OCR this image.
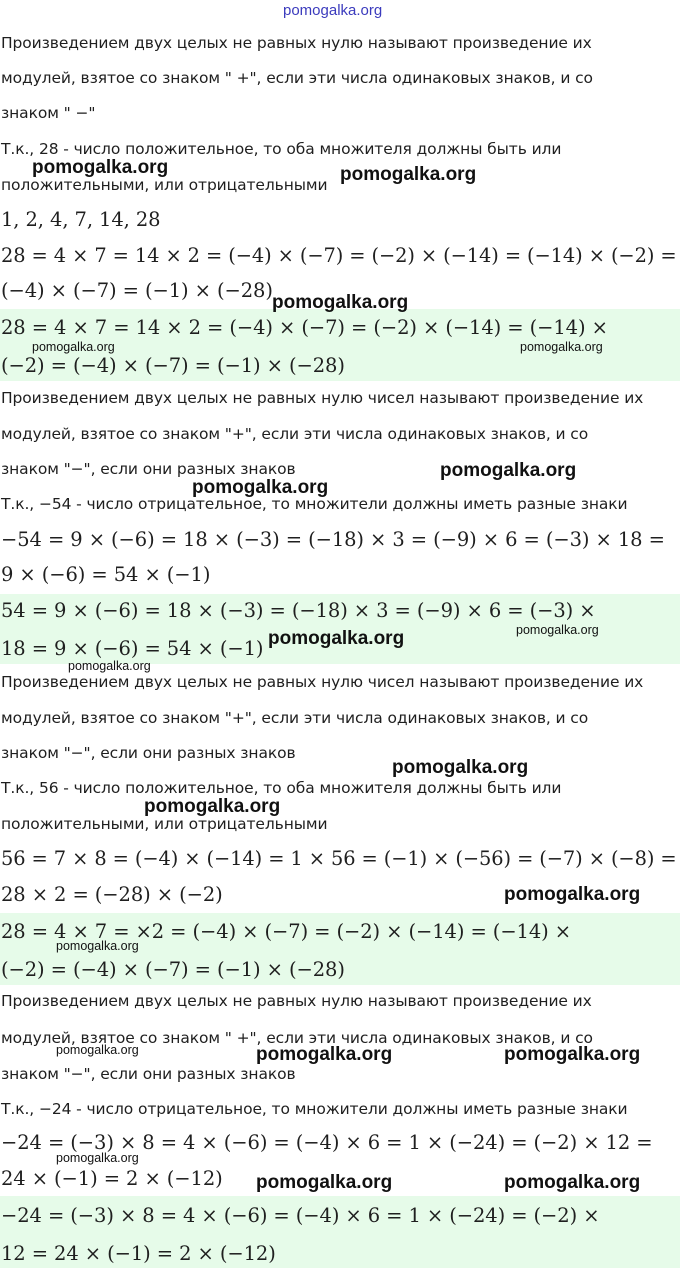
pomogalka.org
Произведением двух целых не равных нулю называют произведение их
модулей, взятое со знаком " +", если эти числа одинаковых знаков, и со
знаком " −"
Т.к., 28 - число положительное, то оба множителя должны быть или
положительными, или отрицательными
1, 2, 4, 7, 14, 28
28 = 4 × 7 = 14 × 2 = (−4) × (−7) = (−2) × (−14) = (−14) × (−2) =
(−4) × (−7) = (−1) × (−28)
28 = 4 × 7 = 14 × 2 = (−4) × (−7) = (−2) × (−14) = (−14) ×
(−2) = (−4) × (−7) = (−1) × (−28)
Произведением двух целых не равных нулю чисел называют произведение их
модулей, взятое со знаком "+", если эти числа одинаковых знаков, и со
знаком "−", если они разных знаков
Т.к., −54 - число отрицательное, то множители должны иметь разные знаки
−54 = 9 × (−6) = 18 × (−3) = (−18) × 3 = (−9) × 6 = (−3) × 18 =
9 × (−6) = 54 × (−1)
54 = 9 × (−6) = 18 × (−3) = (−18) × 3 = (−9) × 6 = (−3) ×
18 = 9 × (−6) = 54 × (−1)
Произведением двух целых не равных нулю чисел называют произведение их
модулей, взятое со знаком "+", если эти числа одинаковых знаков, и со
знаком "−", если они разных знаков
Т.к., 56 - число положительное, то оба множителя должны быть или
положительными, или отрицательными
56 = 7 × 8 = (−4) × (−14) = 1 × 56 = (−1) × (−56) = (−7) × (−8) =
28 × 2 = (−28) × (−2)
28 = 4 × 7 = ×2 = (−4) × (−7) = (−2) × (−14) = (−14) ×
(−2) = (−4) × (−7) = (−1) × (−28)
Произведением двух целых не равных нулю называют произведение их
модулей, взятое со знаком " +", если эти числа одинаковых знаков, и со
знаком "−", если они разных знаков
Т.к., −24 - число отрицательное, то множители должны иметь разные знаки
−24 = (−3) × 8 = 4 × (−6) = (−4) × 6 = 1 × (−24) = (−2) × 12 =
24 × (−1) = 2 × (−12)
−24 = (−3) × 8 = 4 × (−6) = (−4) × 6 = 1 × (−24) = (−2) ×
12 = 24 × (−1) = 2 × (−12)
pomogalka.org	pomogalka.org
pomogalka.org
pomogalka.org	pomogalka.org
pomogalka.org
pomogalka.org
pomogalka.org	pomogalka.org
pomogalka.org
pomogalka.org
pomogalka.org
pomogalka.org
pomogalka.org
pomogalka.org	pomogalka.org	pomogalka.org
pomogalka.org
pomogalka.org	pomogalka.org
